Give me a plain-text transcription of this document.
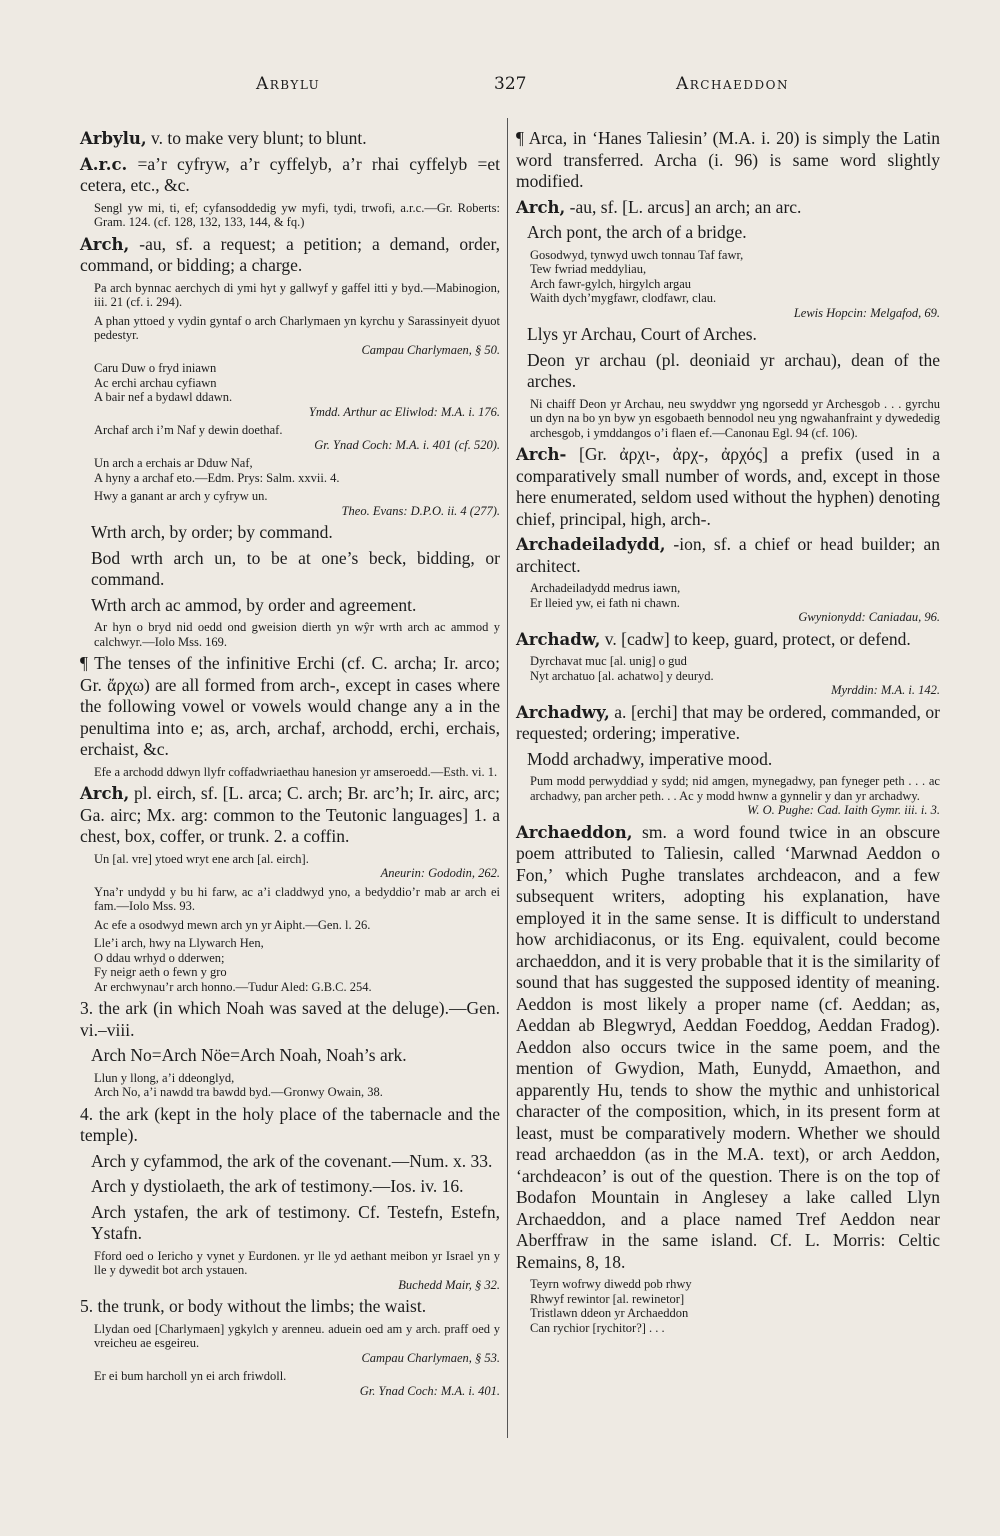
Arbylu	327	Archaeddon

Arbylu, v. to make very blunt; to blunt.

A.r.c. =a’r cyfryw, a’r cyffelyb, a’r rhai cyffelyb =et cetera, etc., &c.

Sengl yw mi, ti, ef; cyfansoddedig yw myfi, tydi, trwofi, a.r.c.—Gr. Roberts: Gram. 124. (cf. 128, 132, 133, 144, & fq.)

Arch, -au, sf. a request; a petition; a demand, order, command, or bidding; a charge.

Pa arch bynnac aerchych di ymi hyt y gallwyf y gaffel itti y byd.—Mabinogion, iii. 21 (cf. i. 294).
A phan yttoed y vydin gyntaf o arch Charlymaen yn kyrchu y Sarassinyeit dyuot pedestyr.
Campau Charlymaen, § 50.
Caru Duw o fryd iniawn
Ac erchi archau cyfiawn
A bair nef a bydawl ddawn.
Ymdd. Arthur ac Eliwlod: M.A. i. 176.
Archaf arch i’m Naf y dewin doethaf.
Gr. Ynad Coch: M.A. i. 401 (cf. 520).
Un arch a erchais ar Dduw Naf,
A hyny a archaf eto.—Edm. Prys: Salm. xxvii. 4.
Hwy a ganant ar arch y cyfryw un.
Theo. Evans: D.P.O. ii. 4 (277).

Wrth arch, by order; by command.

Bod wrth arch un, to be at one’s beck, bidding, or command.

Wrth arch ac ammod, by order and agreement.

Ar hyn o bryd nid oedd ond gweision dierth yn wŷr wrth arch ac ammod y calchwyr.—Iolo Mss. 169.

¶ The tenses of the infinitive Erchi (cf. C. archa; Ir. arco; Gr. ἄρχω) are all formed from arch-, except in cases where the following vowel or vowels would change any a in the penultima into e; as, arch, archaf, archodd, erchi, erchais, erchaist, &c.

Efe a archodd ddwyn llyfr coffadwriaethau hanesion yr amseroedd.—Esth. vi. 1.

Arch, pl. eirch, sf. [L. arca; C. arch; Br. arc’h; Ir. airc, arc; Ga. airc; Mx. arg: common to the Teutonic languages] 1. a chest, box, coffer, or trunk. 2. a coffin.

Un [al. vre] ytoed wryt ene arch [al. eirch].
Aneurin: Gododin, 262.
Yna’r undydd y bu hi farw, ac a’i claddwyd yno, a bedyddio’r mab ar arch ei fam.—Iolo Mss. 93.
Ac efe a osodwyd mewn arch yn yr Aipht.—Gen. l. 26.
Lle’i arch, hwy na Llywarch Hen,
O ddau wrhyd o dderwen;
Fy neigr aeth o fewn y gro
Ar erchwynau’r arch honno.—Tudur Aled: G.B.C. 254.

3. the ark (in which Noah was saved at the deluge).—Gen. vi.–viii.

Arch No=Arch Nöe=Arch Noah, Noah’s ark.

Llun y llong, a’i ddeonglyd,
Arch No, a’i nawdd tra bawdd byd.—Gronwy Owain, 38.

4. the ark (kept in the holy place of the tabernacle and the temple).

Arch y cyfammod, the ark of the covenant.—Num. x. 33.

Arch y dystiolaeth, the ark of testimony.—Ios. iv. 16.

Arch ystafen, the ark of testimony. Cf. Testefn, Estefn, Ystafn.

Fford oed o Iericho y vynet y Eurdonen. yr lle yd aethant meibon yr Israel yn y lle y dywedit bot arch ystauen.
Buchedd Mair, § 32.

5. the trunk, or body without the limbs; the waist.

Llydan oed [Charlymaen] ygkylch y arenneu. aduein oed am y arch. praff oed y vreicheu ae esgeireu.
Campau Charlymaen, § 53.
Er ei bum harcholl yn ei arch friwdoll.
Gr. Ynad Coch: M.A. i. 401.

¶ Arca, in ‘Hanes Taliesin’ (M.A. i. 20) is simply the Latin word transferred. Archa (i. 96) is same word slightly modified.

Arch, -au, sf. [L. arcus] an arch; an arc.

Arch pont, the arch of a bridge.

Gosodwyd, tynwyd uwch tonnau Taf fawr,
Tew fwriad meddyliau,
Arch fawr-gylch, hirgylch argau
Waith dych’mygfawr, clodfawr, clau.
Lewis Hopcin: Melgafod, 69.

Llys yr Archau, Court of Arches.

Deon yr archau (pl. deoniaid yr archau), dean of the arches.

Ni chaiff Deon yr Archau, neu swyddwr yng ngorsedd yr Archesgob . . . gyrchu un dyn na bo yn byw yn esgobaeth bennodol neu yng ngwahanfraint y dywededig archesgob, i ymddangos o’i flaen ef.—Canonau Egl. 94 (cf. 106).

Arch- [Gr. ἀρχι-, ἀρχ-, ἀρχός] a prefix (used in a comparatively small number of words, and, except in those here enumerated, seldom used without the hyphen) denoting chief, principal, high, arch-.

Archadeiladydd, -ion, sf. a chief or head builder; an architect.

Archadeiladydd medrus iawn,
Er lleied yw, ei fath ni chawn.
Gwynionydd: Caniadau, 96.

Archadw, v. [cadw] to keep, guard, protect, or defend.

Dyrchavat muc [al. unig] o gud
Nyt archatuo [al. achatwo] y deuryd.
Myrddin: M.A. i. 142.

Archadwy, a. [erchi] that may be ordered, commanded, or requested; ordering; imperative.

Modd archadwy, imperative mood.

Pum modd perwyddiad y sydd; nid amgen, mynegadwy, pan fyneger peth . . . ac archadwy, pan archer peth. . . Ac y modd hwnw a gynnelir y dan yr archadwy.
W. O. Pughe: Cad. Iaith Gymr. iii. i. 3.

Archaeddon, sm. a word found twice in an obscure poem attributed to Taliesin, called ‘Marwnad Aeddon o Fon,’ which Pughe translates archdeacon, and a few subsequent writers, adopting his explanation, have employed it in the same sense. It is difficult to understand how archidiaconus, or its Eng. equivalent, could become archaeddon, and it is very probable that it is the similarity of sound that has suggested the supposed identity of meaning. Aeddon is most likely a proper name (cf. Aeddan; as, Aeddan ab Blegwryd, Aeddan Foeddog, Aeddan Fradog). Aeddon also occurs twice in the same poem, and the mention of Gwydion, Math, Eunydd, Amaethon, and apparently Hu, tends to show the mythic and unhistorical character of the composition, which, in its present form at least, must be comparatively modern. Whether we should read archaeddon (as in the M.A. text), or arch Aeddon, ‘archdeacon’ is out of the question. There is on the top of Bodafon Mountain in Anglesey a lake called Llyn Archaeddon, and a place named Tref Aeddon near Aberffraw in the same island. Cf. L. Morris: Celtic Remains, 8, 18.

Teyrn wofrwy diwedd pob rhwy
Rhwyf rewintor [al. rewinetor]
Tristlawn ddeon yr Archaeddon
Can rychior [rychitor?] . . .
